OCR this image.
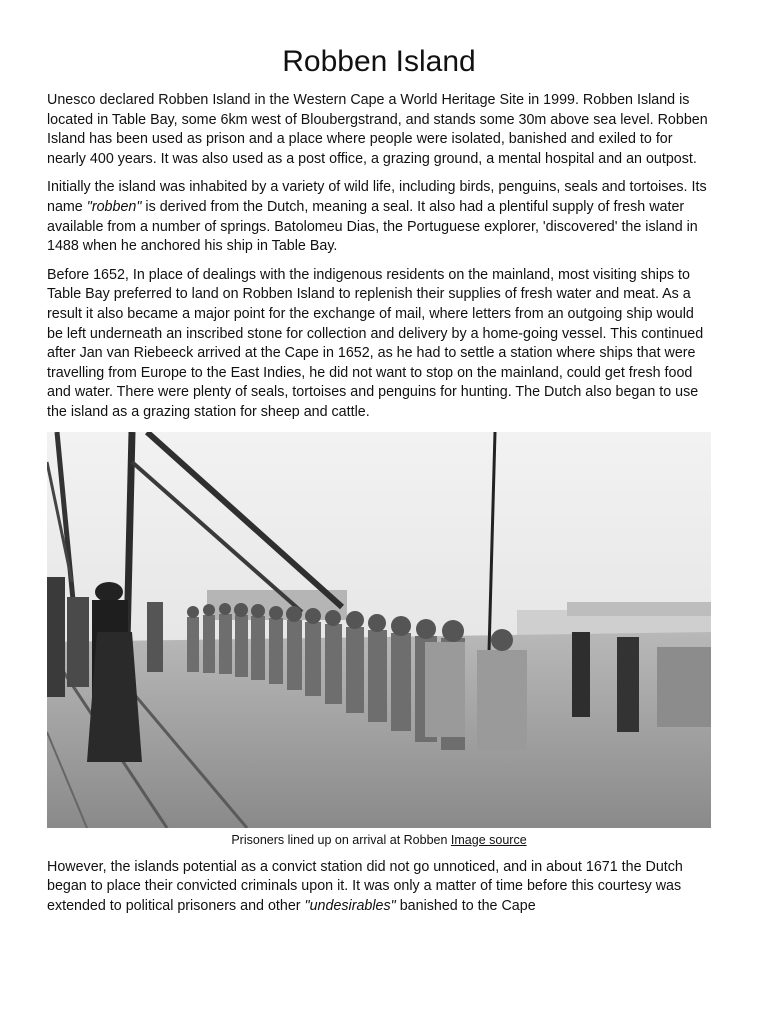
Robben Island

Unesco declared Robben Island in the Western Cape a World Heritage Site in 1999. Robben Island is located in Table Bay, some 6km west of Bloubergstrand, and stands some 30m above sea level. Robben Island has been used as prison and a place where people were isolated, banished and exiled to for nearly 400 years. It was also used as a post office, a grazing ground, a mental hospital and an outpost.

Initially the island was inhabited by a variety of wild life, including birds, penguins, seals and tortoises. Its name "robben" is derived from the Dutch, meaning a seal. It also had a plentiful supply of fresh water available from a number of springs. Batolomeu Dias, the Portuguese explorer, 'discovered' the island in 1488 when he anchored his ship in Table Bay.

Before 1652, In place of dealings with the indigenous residents on the mainland, most visiting ships to Table Bay preferred to land on Robben Island to replenish their supplies of fresh water and meat. As a result it also became a major point for the exchange of mail, where letters from an outgoing ship would be left underneath an inscribed stone for collection and delivery by a home-going vessel. This continued after Jan van Riebeeck arrived at the Cape in 1652, as he had to settle a station where ships that were travelling from Europe to the East Indies, he did not want to stop on the mainland, could get fresh food and water. There were plenty of seals, tortoises and penguins for hunting. The Dutch also began to use the island as a grazing station for sheep and cattle.

Prisoners lined up on arrival at Robben Image source

However, the islands potential as a convict station did not go unnoticed, and in about 1671 the Dutch began to place their convicted criminals upon it. It was only a matter of time before this courtesy was extended to political prisoners and other "undesirables" banished to the Cape
